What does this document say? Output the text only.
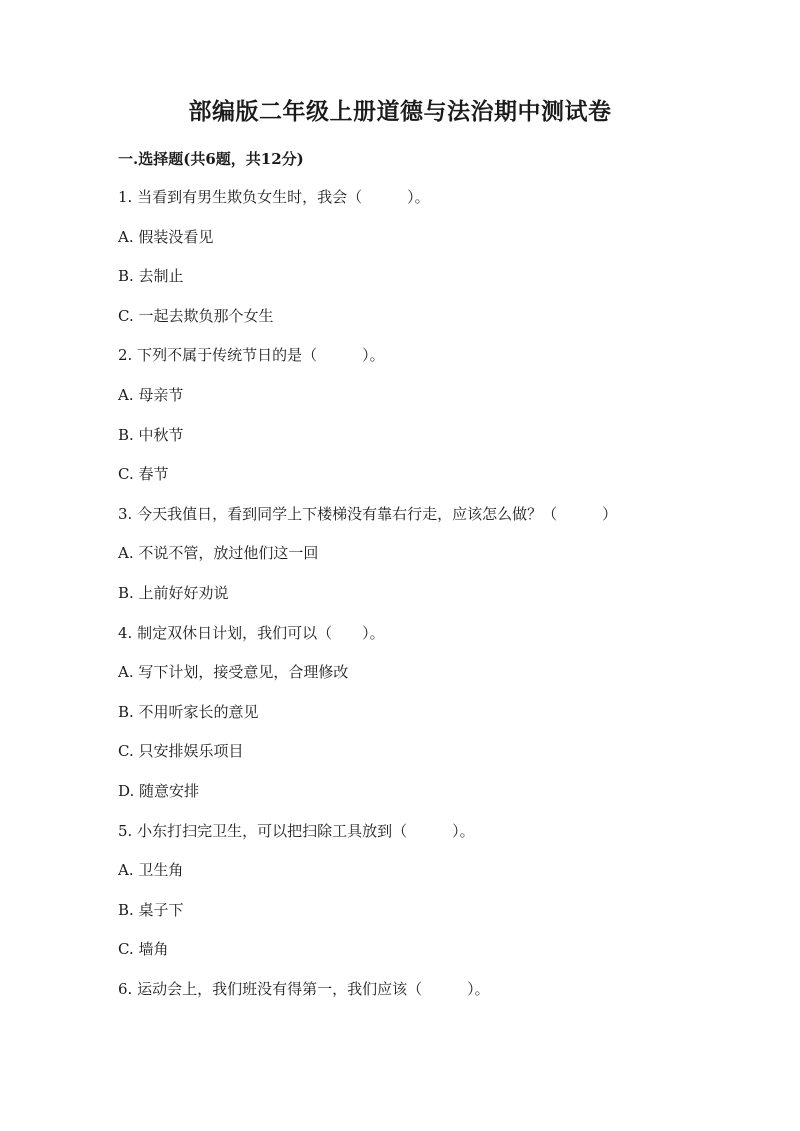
部编版二年级上册道德与法治期中测试卷
一.选择题(共6题，共12分)
1. 当看到有男生欺负女生时，我会（　　　）。
A. 假装没看见
B. 去制止
C. 一起去欺负那个女生
2. 下列不属于传统节日的是（　　　）。
A. 母亲节
B. 中秋节
C. 春节
3. 今天我值日，看到同学上下楼梯没有靠右行走，应该怎么做？（　　　）
A. 不说不管，放过他们这一回
B. 上前好好劝说
4. 制定双休日计划，我们可以（　　）。
A. 写下计划，接受意见，合理修改
B. 不用听家长的意见
C. 只安排娱乐项目
D. 随意安排
5. 小东打扫完卫生，可以把扫除工具放到（　　　）。
A. 卫生角
B. 桌子下
C. 墙角
6. 运动会上，我们班没有得第一，我们应该（　　　）。
